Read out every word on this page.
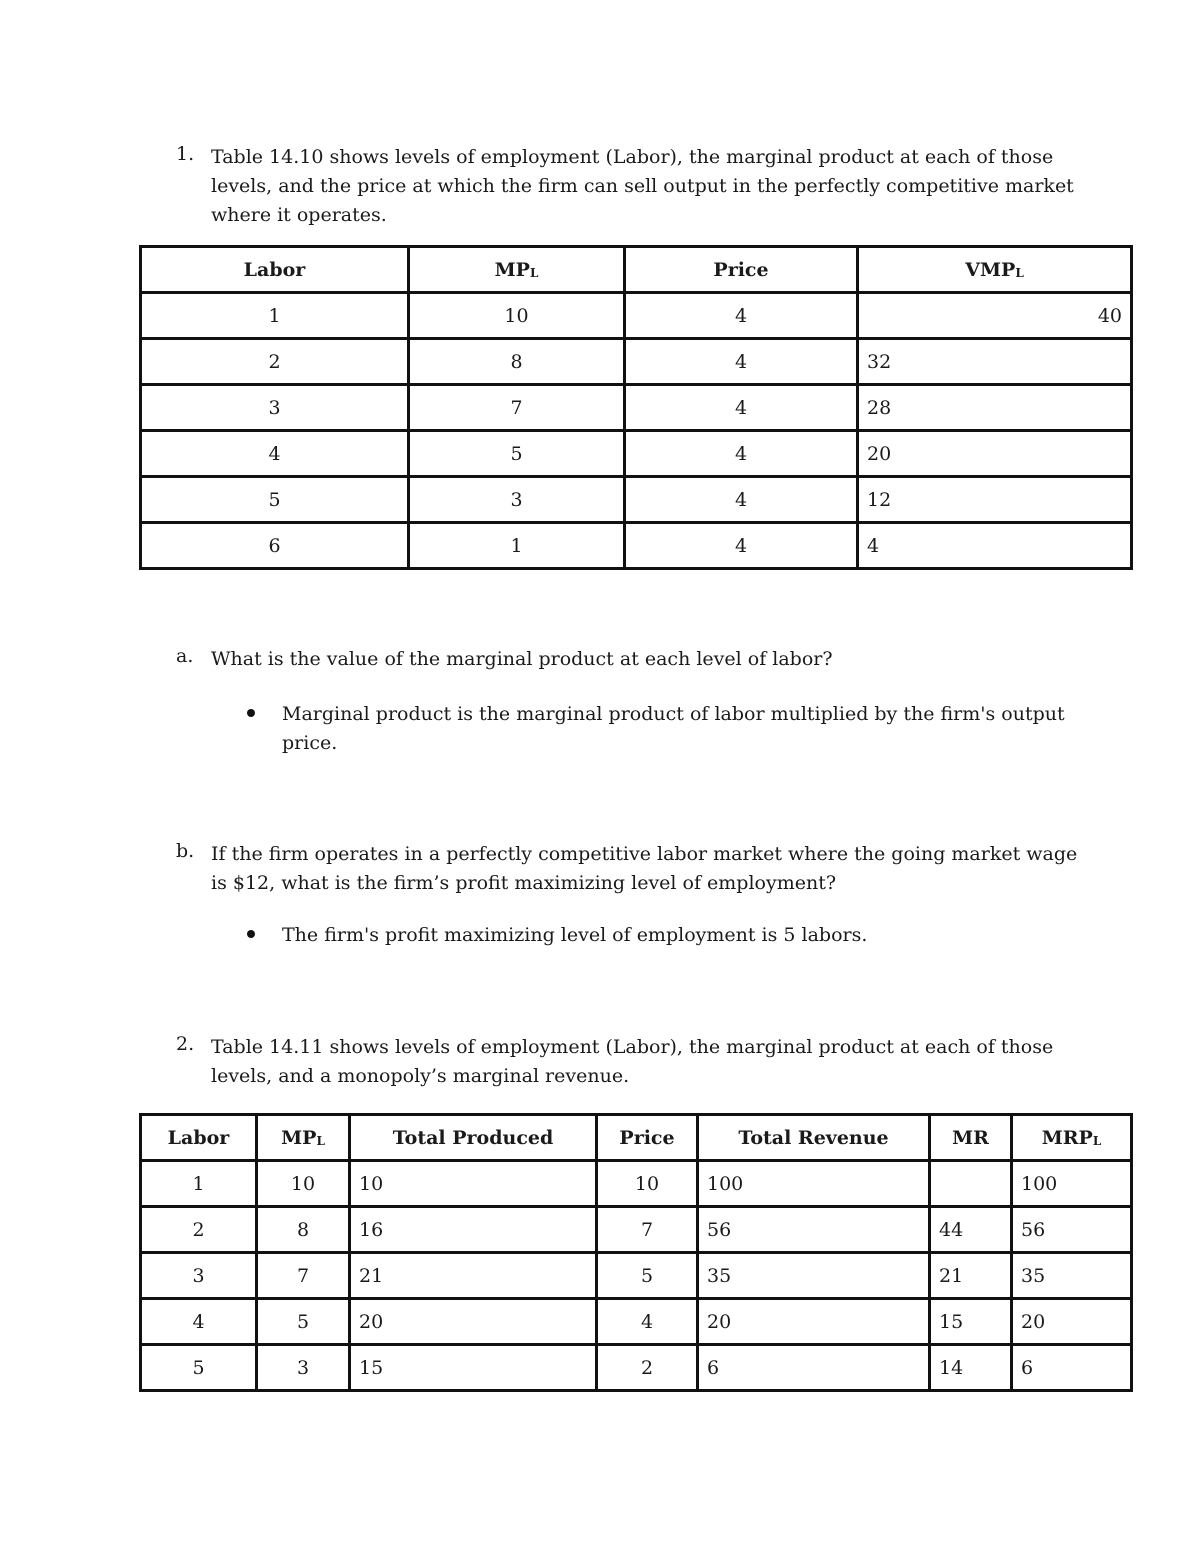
1. Table 14.10 shows levels of employment (Labor), the marginal product at each of those

levels, and the price at which the firm can sell output in the perfectly competitive market

where it operates.

Labor	$MP_L$	Price	$VMP_L$
1	10	4	40
2	8	4	32
3	7	4	28
4	5	4	20
5	3	4	12
6	1	4	4
a. What is the value of the marginal product at each level of labor?

Marginal product is the marginal product of labor multiplied by the firm's output

price.

b. If the firm operates in a perfectly competitive labor market where the going market wage

is $12, what is the firm’s profit maximizing level of employment?

The firm's profit maximizing level of employment is 5 labors.

2. Table 14.11 shows levels of employment (Labor), the marginal product at each of those

levels, and a monopoly’s marginal revenue.

Labor	$MP_L$	Total Produced	Price	Total Revenue	MR	$MRP_L$
1	10	10	10	100		100
2	8	16	7	56	44	56
3	7	21	5	35	21	35
4	5	20	4	20	15	20
5	3	15	2	6	14	6
